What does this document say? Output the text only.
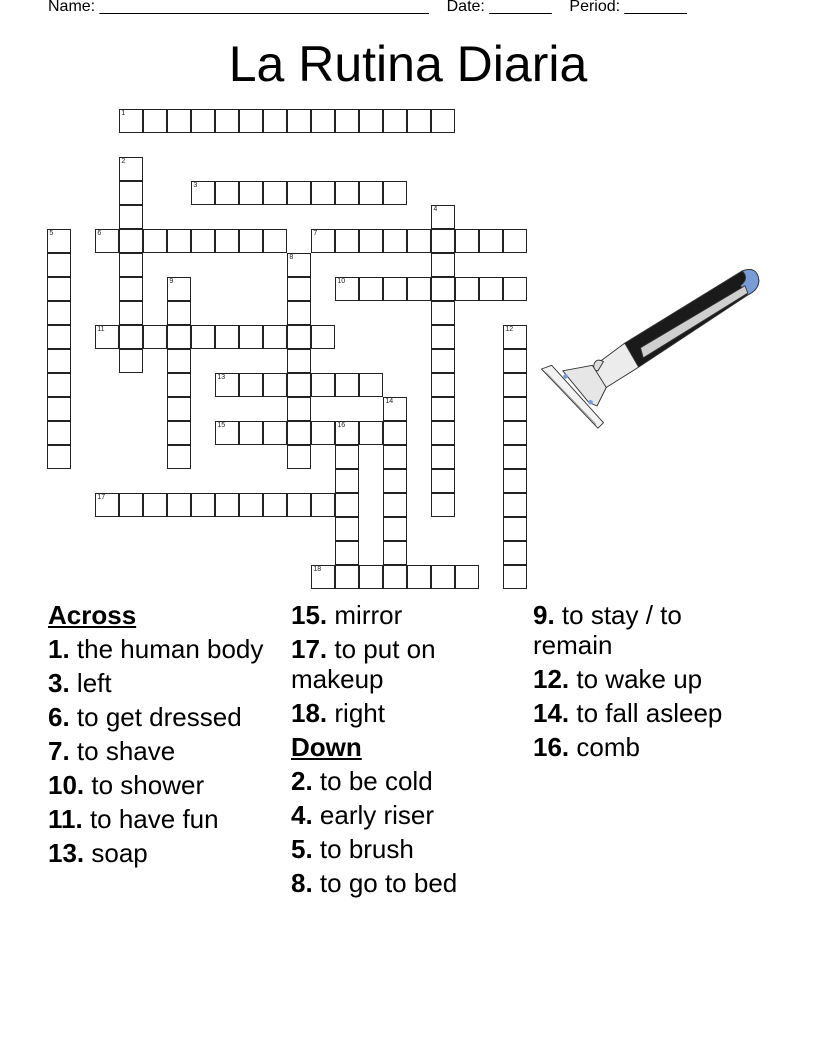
Name: _____________________________________ Date: _______ Period: _______
La Rutina Diaria
1
2
3
4
5	6	7
8
9	10
11	12
13
14
15	16
17
18
Across
1. the human body
3. left
6. to get dressed
7. to shave
10. to shower
11. to have fun
13. soap
15. mirror
17. to put on makeup
18. right
Down
2. to be cold
4. early riser
5. to brush
8. to go to bed
9. to stay / to remain
12. to wake up
14. to fall asleep
16. comb
